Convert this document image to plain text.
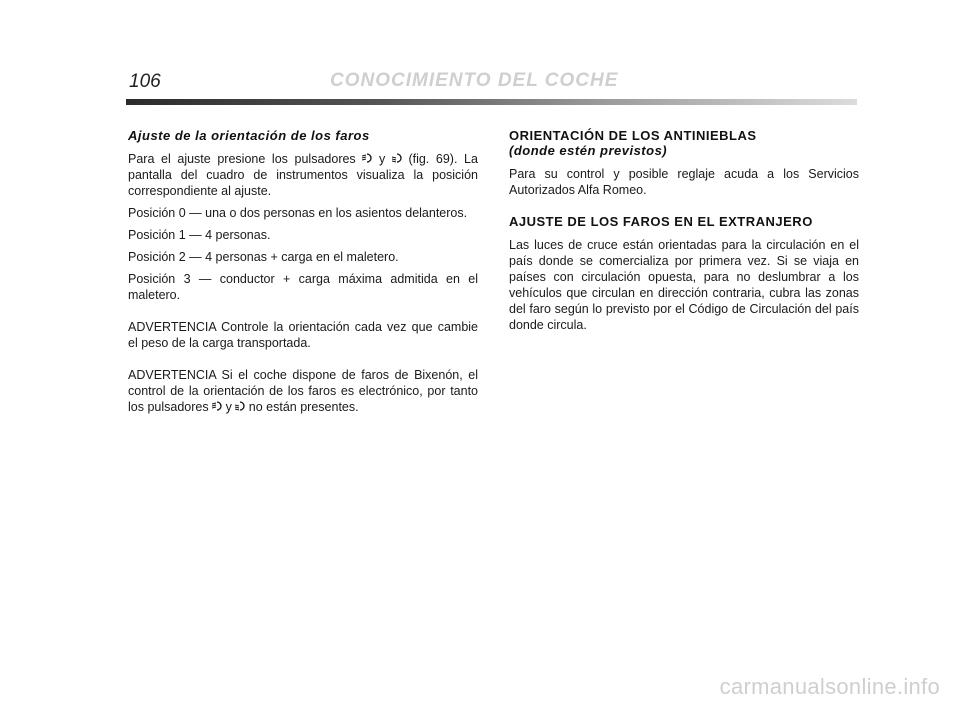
106	CONOCIMIENTO DEL COCHE
Ajuste de la orientación de los faros

Para el ajuste presione los pulsadores y (fig. 69). La pantalla del cuadro de instrumentos visualiza la posición correspondiente al ajuste.

Posición 0 — una o dos personas en los asientos delanteros.

Posición 1 — 4 personas.

Posición 2 — 4 personas + carga en el maletero.

Posición 3 — conductor + carga máxima admitida en el maletero.

ADVERTENCIA Controle la orientación cada vez que cambie el peso de la carga transportada.

ADVERTENCIA Si el coche dispone de faros de Bixenón, el control de la orientación de los faros es electrónico, por tanto los pulsadores y no están presentes.

ORIENTACIÓN DE LOS ANTINIEBLAS
(donde estén previstos)

Para su control y posible reglaje acuda a los Servicios Autorizados Alfa Romeo.

AJUSTE DE LOS FAROS EN EL EXTRANJERO

Las luces de cruce están orientadas para la circulación en el país donde se comercializa por primera vez. Si se viaja en países con circulación opuesta, para no deslumbrar a los vehículos que circulan en dirección contraria, cubra las zonas del faro según lo previsto por el Código de Circulación del país donde circula.

carmanualsonline.info
